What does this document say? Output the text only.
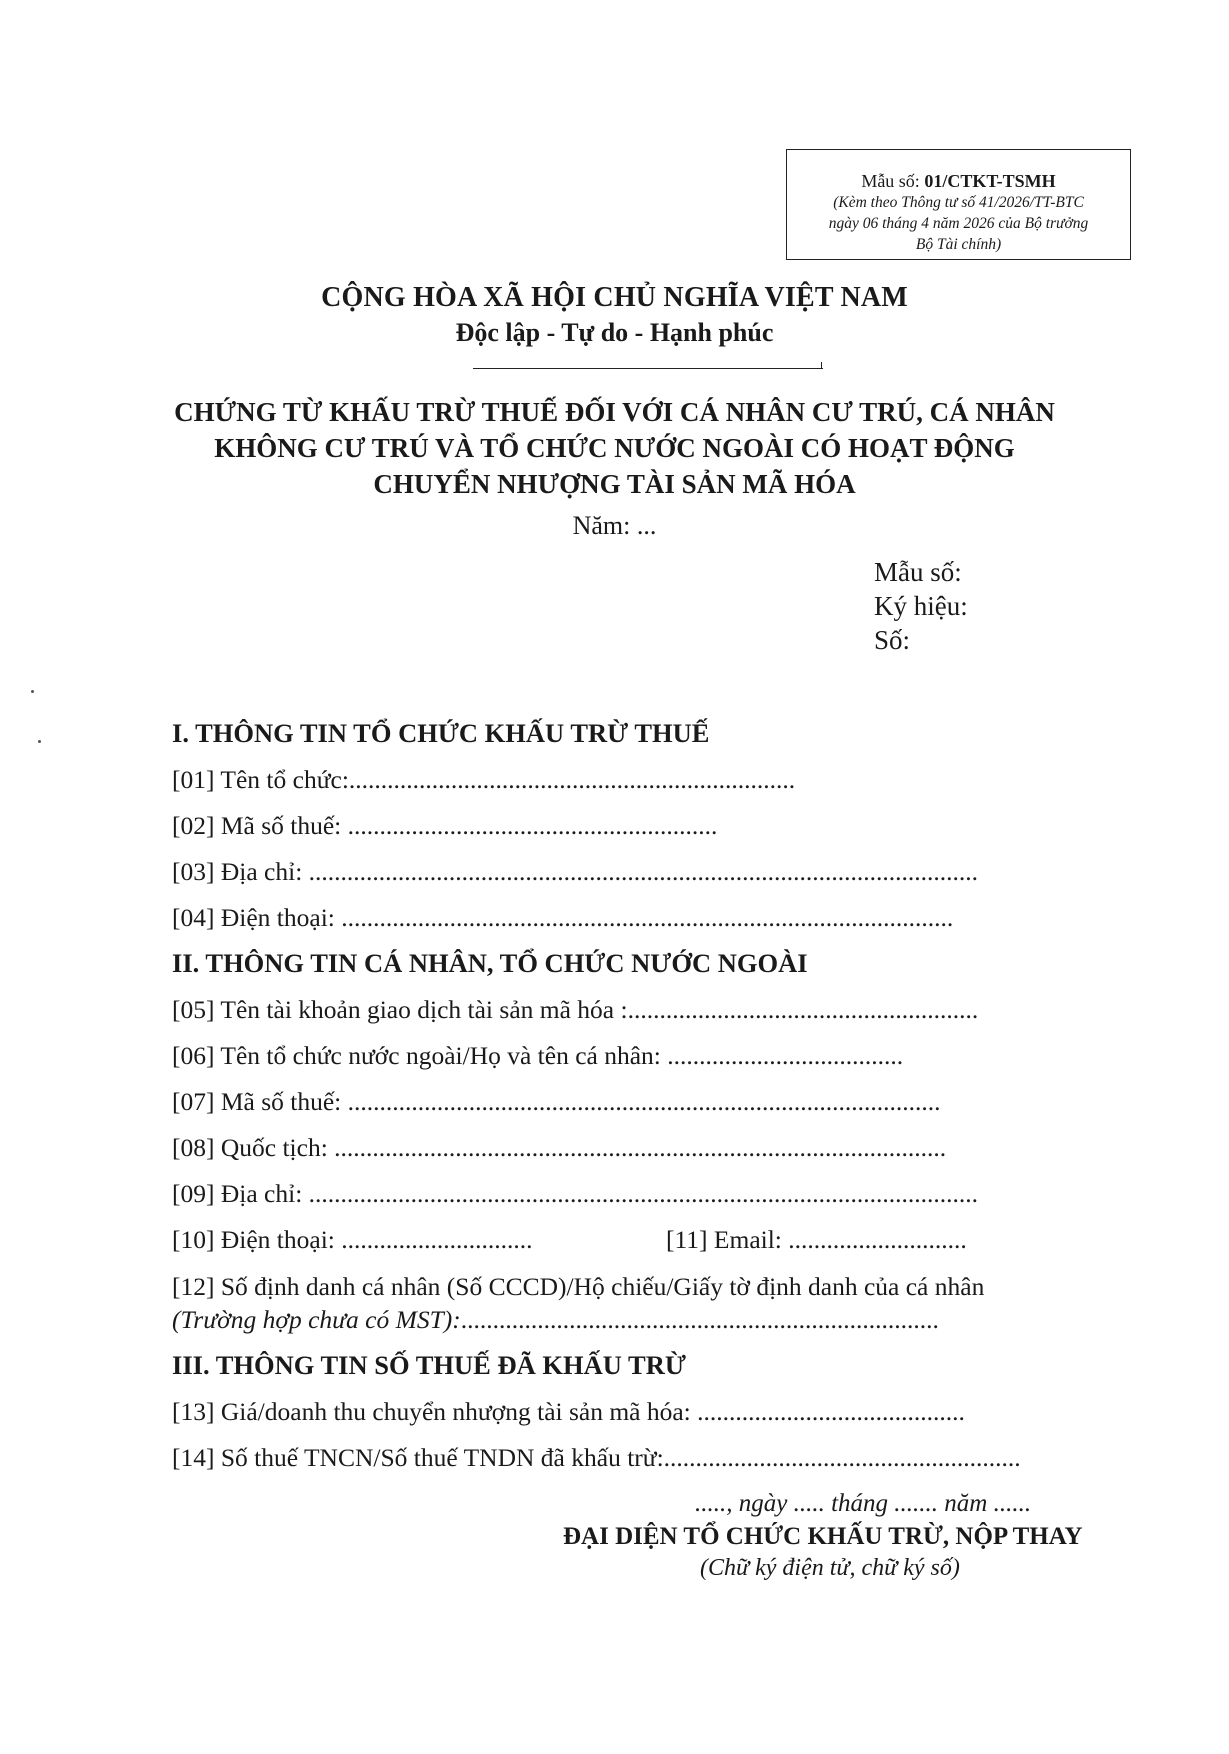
Mẫu số: 01/CTKT-TSMH
(Kèm theo Thông tư số 41/2026/TT-BTC
ngày 06 tháng 4 năm 2026 của Bộ trưởng
Bộ Tài chính)
CỘNG HÒA XÃ HỘI CHỦ NGHĨA VIỆT NAM
Độc lập - Tự do - Hạnh phúc
CHỨNG TỪ KHẤU TRỪ THUẾ ĐỐI VỚI CÁ NHÂN CƯ TRÚ, CÁ NHÂN
KHÔNG CƯ TRÚ VÀ TỔ CHỨC NƯỚC NGOÀI CÓ HOẠT ĐỘNG
CHUYỂN NHƯỢNG TÀI SẢN MÃ HÓA
Năm: ...
Mẫu số:
Ký hiệu:
Số:
I. THÔNG TIN TỔ CHỨC KHẤU TRỪ THUẾ
[01] Tên tổ chức:......................................................................
[02] Mã số thuế: ..........................................................
[03] Địa chỉ: .........................................................................................................
[04] Điện thoại: ................................................................................................
II. THÔNG TIN CÁ NHÂN, TỔ CHỨC NƯỚC NGOÀI
[05] Tên tài khoản giao dịch tài sản mã hóa :.......................................................
[06] Tên tổ chức nước ngoài/Họ và tên cá nhân: .....................................
[07] Mã số thuế: .............................................................................................
[08] Quốc tịch: ................................................................................................
[09] Địa chỉ: .........................................................................................................
[10] Điện thoại: ..............................	[11] Email: ............................
[12] Số định danh cá nhân (Số CCCD)/Hộ chiếu/Giấy tờ định danh của cá nhân
(Trường hợp chưa có MST):...........................................................................
III. THÔNG TIN SỐ THUẾ ĐÃ KHẤU TRỪ
[13] Giá/doanh thu chuyển nhượng tài sản mã hóa: ..........................................
[14] Số thuế TNCN/Số thuế TNDN đã khấu trừ:........................................................
....., ngày ..... tháng ....... năm ......
ĐẠI DIỆN TỔ CHỨC KHẤU TRỪ, NỘP THAY
(Chữ ký điện tử, chữ ký số)
